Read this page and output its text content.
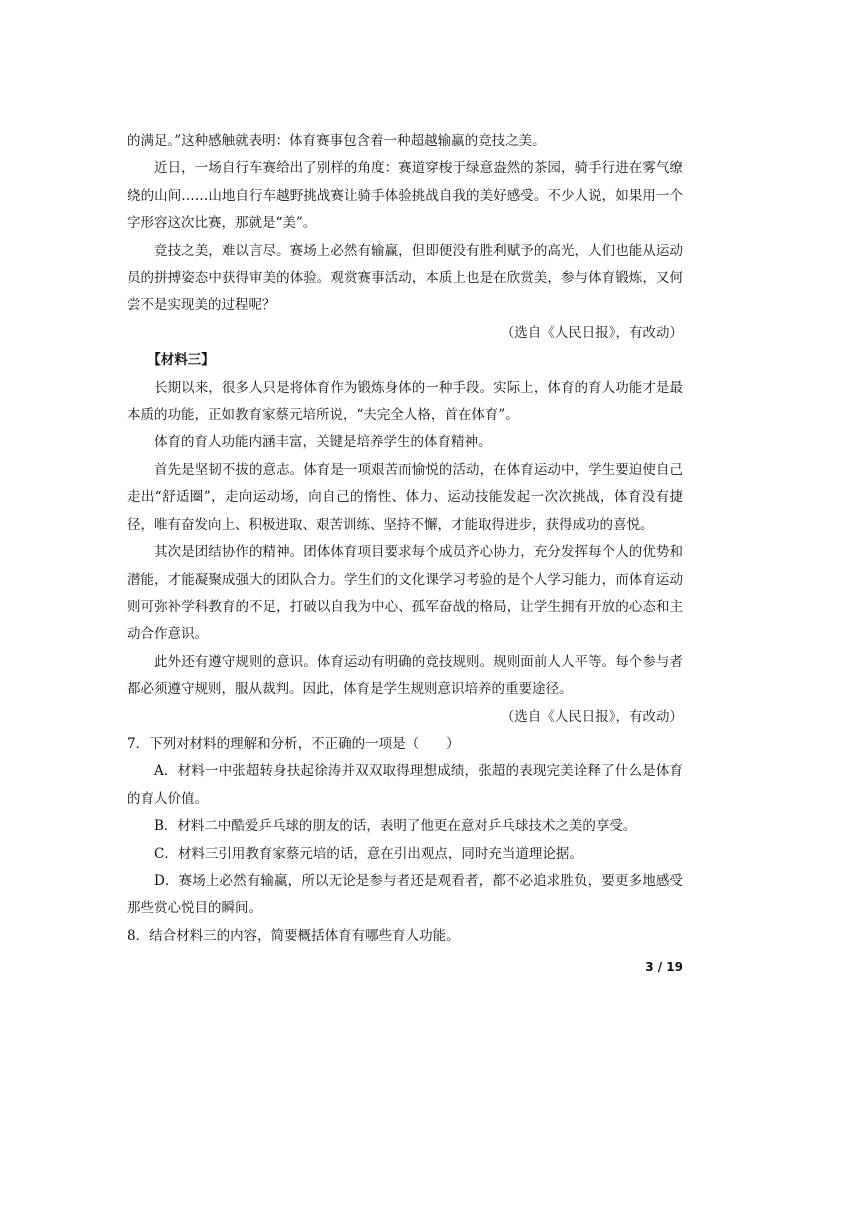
的满足。”这种感触就表明：体育赛事包含着一种超越输赢的竞技之美。

近日，一场自行车赛给出了别样的角度：赛道穿梭于绿意盎然的茶园，骑手行进在雾气缭绕的山间……山地自行车越野挑战赛让骑手体验挑战自我的美好感受。不少人说，如果用一个字形容这次比赛，那就是“美”。

竞技之美，难以言尽。赛场上必然有输赢，但即便没有胜利赋予的高光，人们也能从运动员的拼搏姿态中获得审美的体验。观赏赛事活动，本质上也是在欣赏美，参与体育锻炼，又何尝不是实现美的过程呢？

（选自《人民日报》，有改动）

【材料三】

长期以来，很多人只是将体育作为锻炼身体的一种手段。实际上，体育的育人功能才是最本质的功能，正如教育家蔡元培所说，“夫完全人格，首在体育”。

体育的育人功能内涵丰富，关键是培养学生的体育精神。

首先是坚韧不拔的意志。体育是一项艰苦而愉悦的活动，在体育运动中，学生要迫使自己走出“舒适圈”，走向运动场，向自己的惰性、体力、运动技能发起一次次挑战，体育没有捷径，唯有奋发向上、积极进取、艰苦训练、坚持不懈，才能取得进步，获得成功的喜悦。

其次是团结协作的精神。团体体育项目要求每个成员齐心协力，充分发挥每个人的优势和潜能，才能凝聚成强大的团队合力。学生们的文化课学习考验的是个人学习能力，而体育运动则可弥补学科教育的不足，打破以自我为中心、孤军奋战的格局，让学生拥有开放的心态和主动合作意识。

此外还有遵守规则的意识。体育运动有明确的竞技规则。规则面前人人平等。每个参与者都必须遵守规则，服从裁判。因此，体育是学生规则意识培养的重要途径。

（选自《人民日报》，有改动）

7．下列对材料的理解和分析，不正确的一项是（　　）

A．材料一中张超转身扶起徐涛并双双取得理想成绩，张超的表现完美诠释了什么是体育的育人价值。

B．材料二中酷爱乒乓球的朋友的话，表明了他更在意对乒乓球技术之美的享受。

C．材料三引用教育家蔡元培的话，意在引出观点，同时充当道理论据。

D．赛场上必然有输赢，所以无论是参与者还是观看者，都不必追求胜负，要更多地感受那些赏心悦目的瞬间。

8．结合材料三的内容，简要概括体育有哪些育人功能。

3 / 19
